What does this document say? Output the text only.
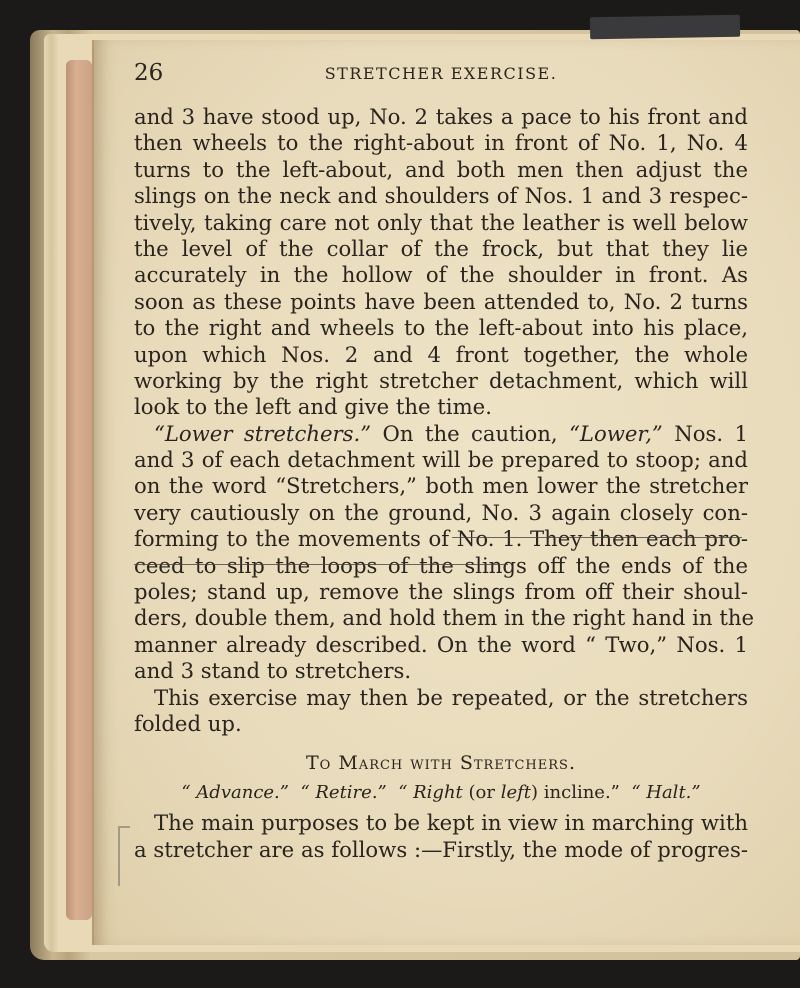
26	STRETCHER EXERCISE.
and 3 have stood up, No. 2 takes a pace to his front and
then wheels to the right-about in front of No. 1, No. 4
turns to the left-about, and both men then adjust the
slings on the neck and shoulders of Nos. 1 and 3 respec-
tively, taking care not only that the leather is well below
the level of the collar of the frock, but that they lie
accurately in the hollow of the shoulder in front. As
soon as these points have been attended to, No. 2 turns
to the right and wheels to the left-about into his place,
upon which Nos. 2 and 4 front together, the whole
working by the right stretcher detachment, which will
look to the left and give the time.
“Lower stretchers.” On the caution, “Lower,” Nos. 1
and 3 of each detachment will be prepared to stoop; and
on the word “Stretchers,” both men lower the stretcher
very cautiously on the ground, No. 3 again closely con-
forming to the movements of No. 1. They then each pro-
ceed to slip the loops of the slings off the ends of the
poles; stand up, remove the slings from off their shoul-
ders, double them, and hold them in the right hand in the
manner already described. On the word “ Two,” Nos. 1
and 3 stand to stretchers.
This exercise may then be repeated, or the stretchers
folded up.
To March with Stretchers.
“ Advance.” “ Retire.” “ Right (or left) incline.” “ Halt.”
The main purposes to be kept in view in marching with
a stretcher are as follows :—Firstly, the mode of progres-
